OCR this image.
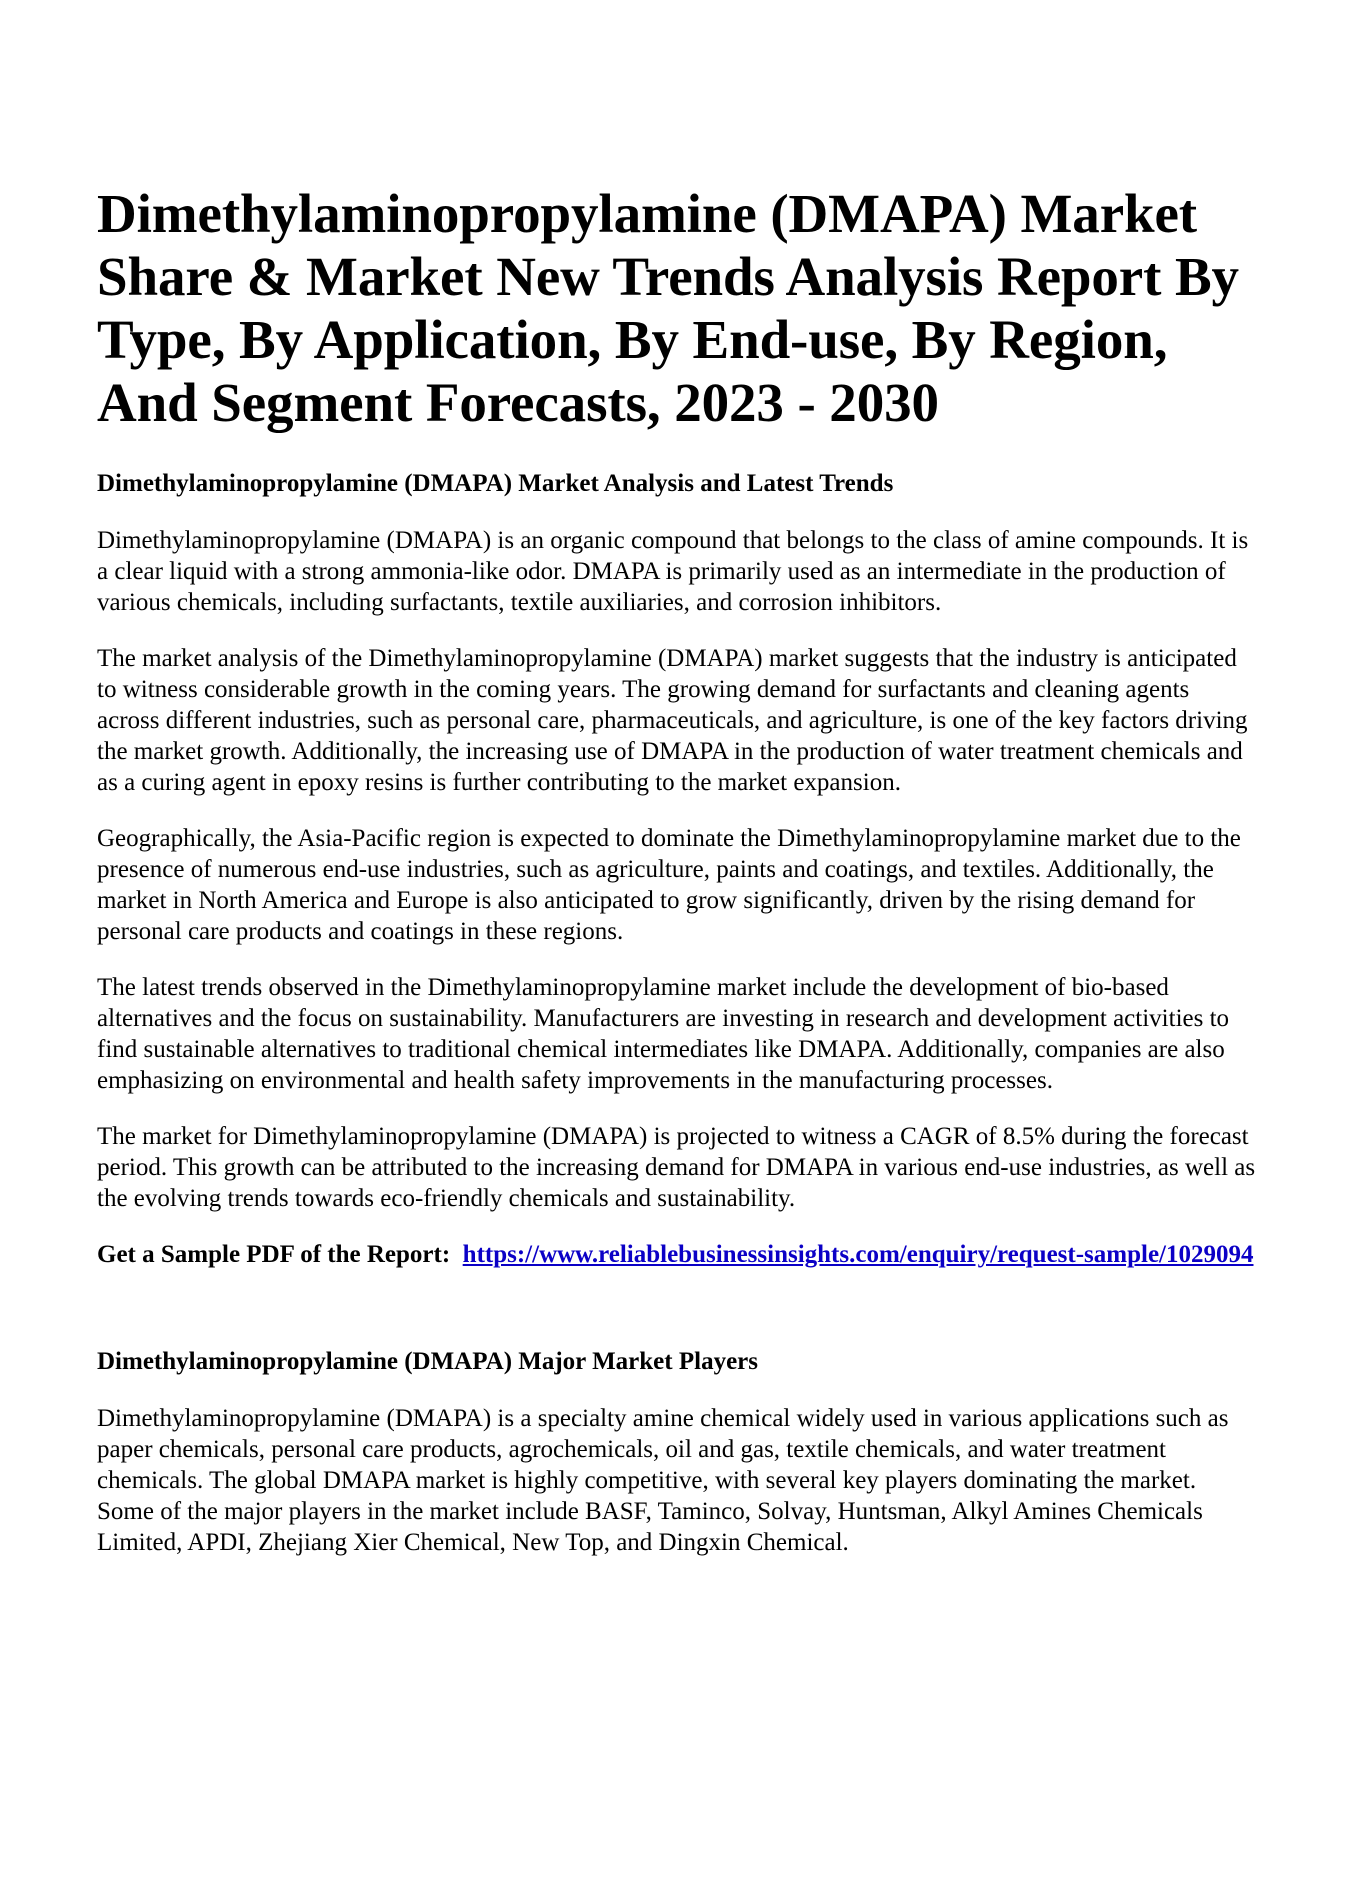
Dimethylaminopropylamine (DMAPA) Market Share & Market New Trends Analysis Report By Type, By Application, By End-use, By Region, And Segment Forecasts, 2023 - 2030
Dimethylaminopropylamine (DMAPA) Market Analysis and Latest Trends

Dimethylaminopropylamine (DMAPA) is an organic compound that belongs to the class of amine compounds. It is a clear liquid with a strong ammonia-like odor. DMAPA is primarily used as an intermediate in the production of various chemicals, including surfactants, textile auxiliaries, and corrosion inhibitors.

The market analysis of the Dimethylaminopropylamine (DMAPA) market suggests that the industry is anticipated to witness considerable growth in the coming years. The growing demand for surfactants and cleaning agents across different industries, such as personal care, pharmaceuticals, and agriculture, is one of the key factors driving the market growth. Additionally, the increasing use of DMAPA in the production of water treatment chemicals and as a curing agent in epoxy resins is further contributing to the market expansion.

Geographically, the Asia-Pacific region is expected to dominate the Dimethylaminopropylamine market due to the presence of numerous end-use industries, such as agriculture, paints and coatings, and textiles. Additionally, the market in North America and Europe is also anticipated to grow significantly, driven by the rising demand for personal care products and coatings in these regions.

The latest trends observed in the Dimethylaminopropylamine market include the development of bio-based alternatives and the focus on sustainability. Manufacturers are investing in research and development activities to find sustainable alternatives to traditional chemical intermediates like DMAPA. Additionally, companies are also emphasizing on environmental and health safety improvements in the manufacturing processes.

The market for Dimethylaminopropylamine (DMAPA) is projected to witness a CAGR of 8.5% during the forecast period. This growth can be attributed to the increasing demand for DMAPA in various end-use industries, as well as the evolving trends towards eco-friendly chemicals and sustainability.

Get a Sample PDF of the Report: https://www.reliablebusinessinsights.com/enquiry/request-sample/1029094
Dimethylaminopropylamine (DMAPA) Major Market Players

Dimethylaminopropylamine (DMAPA) is a specialty amine chemical widely used in various applications such as paper chemicals, personal care products, agrochemicals, oil and gas, textile chemicals, and water treatment chemicals. The global DMAPA market is highly competitive, with several key players dominating the market. Some of the major players in the market include BASF, Taminco, Solvay, Huntsman, Alkyl Amines Chemicals Limited, APDI, Zhejiang Xier Chemical, New Top, and Dingxin Chemical.
